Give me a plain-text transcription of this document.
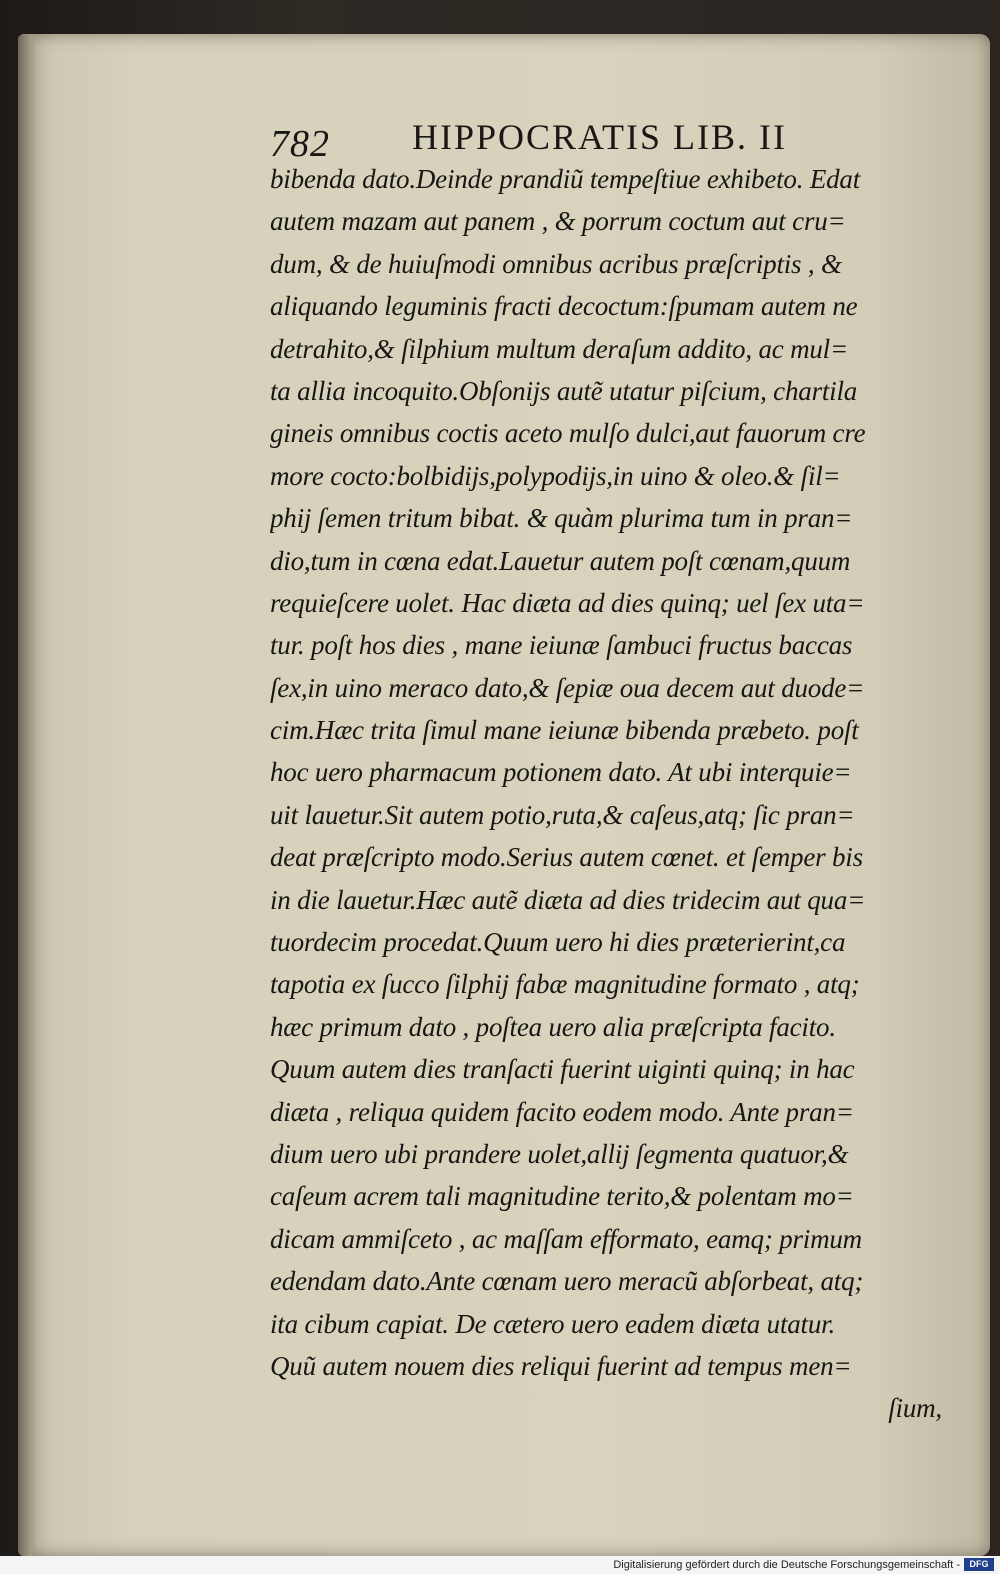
782 HIPPOCRATIS LIB. II
bibenda dato.Deinde prandiũ tempeſtiue exhibeto. Edat
autem mazam aut panem , & porrum coctum aut cru=
dum, & de huiuſmodi omnibus acribus præſcriptis , &
aliquando leguminis fracti decoctum:ſpumam autem ne
detrahito,& ſilphium multum deraſum addito, ac mul=
ta allia incoquito.Obſonijs autẽ utatur piſcium, chartila
gineis omnibus coctis aceto mulſo dulci,aut fauorum cre
more cocto:bolbidijs,polypodijs,in uino & oleo.& ſil=
phij ſemen tritum bibat. & quàm plurima tum in pran=
dio,tum in cœna edat.Lauetur autem poſt cœnam,quum
requieſcere uolet. Hac diæta ad dies quinq; uel ſex uta=
tur. poſt hos dies , mane ieiunæ ſambuci fructus baccas
ſex,in uino meraco dato,& ſepiæ oua decem aut duode=
cim.Hæc trita ſimul mane ieiunæ bibenda præbeto. poſt
hoc uero pharmacum potionem dato. At ubi interquie=
uit lauetur.Sit autem potio,ruta,& caſeus,atq; ſic pran=
deat præſcripto modo.Serius autem cœnet. et ſemper bis
in die lauetur.Hæc autẽ diæta ad dies tridecim aut qua=
tuordecim procedat.Quum uero hi dies præterierint,ca
tapotia ex ſucco ſilphij fabæ magnitudine formato , atq;
hæc primum dato , poſtea uero alia præſcripta facito.
Quum autem dies tranſacti fuerint uiginti quinq; in hac
diæta , reliqua quidem facito eodem modo. Ante pran=
dium uero ubi prandere uolet,allij ſegmenta quatuor,&
caſeum acrem tali magnitudine terito,& polentam mo=
dicam ammiſceto , ac maſſam efformato, eamq; primum
edendam dato.Ante cœnam uero meracũ abſorbeat, atq;
ita cibum capiat. De cætero uero eadem diæta utatur.
Quũ autem nouem dies reliqui fuerint ad tempus men=
ſium,
Digitalisierung gefördert durch die Deutsche Forschungsgemeinschaft -	DFG
